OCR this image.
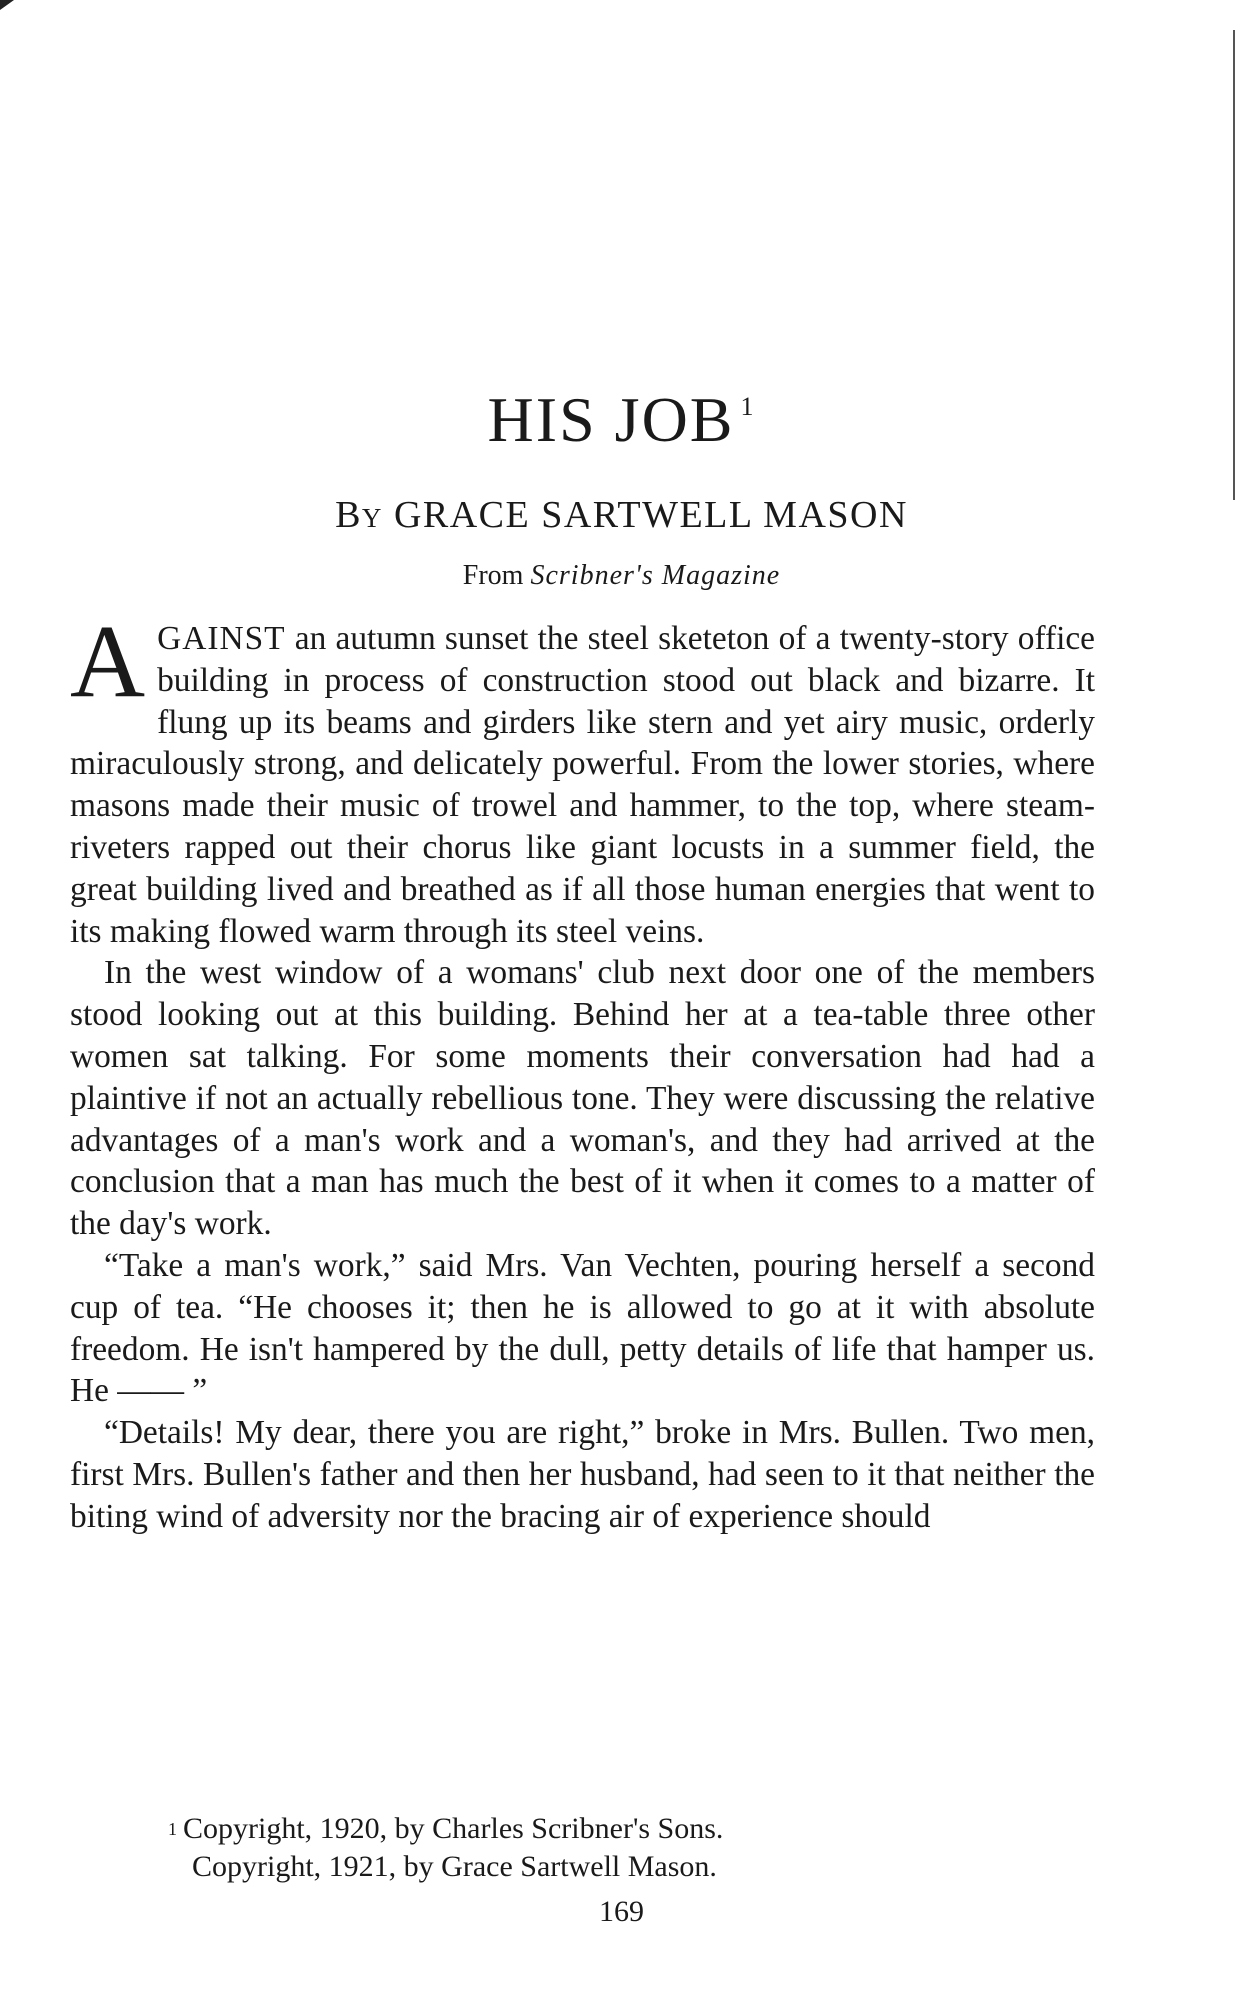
HIS JOB $^1$
By GRACE SARTWELL MASON
From Scribner's Magazine

AGAINST an autumn sunset the steel sketeton of a twenty-story office building in process of construction stood out black and bizarre. It flung up its beams and girders like stern and yet airy music, orderly miraculously strong, and delicately powerful. From the lower stories, where masons made their music of trowel and hammer, to the top, where steam-riveters rapped out their chorus like giant locusts in a summer field, the great building lived and breathed as if all those human energies that went to its making flowed warm through its steel veins.

In the west window of a womans' club next door one of the members stood looking out at this building. Behind her at a tea-table three other women sat talking. For some moments their conversation had had a plaintive if not an actually rebellious tone. They were discussing the relative advantages of a man's work and a woman's, and they had arrived at the conclusion that a man has much the best of it when it comes to a matter of the day's work.

“Take a man's work,” said Mrs. Van Vechten, pouring herself a second cup of tea. “He chooses it; then he is allowed to go at it with absolute freedom. He isn't hampered by the dull, petty details of life that hamper us. He —— ”

“Details! My dear, there you are right,” broke in Mrs. Bullen. Two men, first Mrs. Bullen's father and then her husband, had seen to it that neither the biting wind of adversity nor the bracing air of experience should

$^1$ Copyright, 1920, by Charles Scribner's Sons.
Copyright, 1921, by Grace Sartwell Mason.
169
